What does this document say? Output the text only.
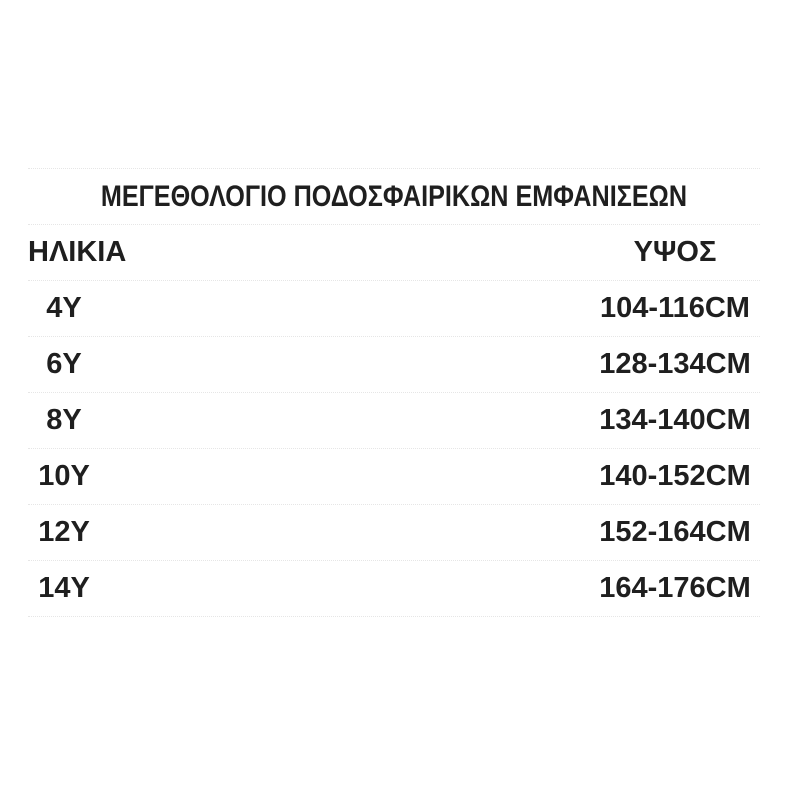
ΜΕΓΕΘΟΛΟΓΙΟ ΠΟΔΟΣΦΑΙΡΙΚΩΝ ΕΜΦΑΝΙΣΕΩΝ
ΗΛΙΚΙΑ	ΥΨΟΣ
4Y	104-116CM
6Y	128-134CM
8Y	134-140CM
10Y	140-152CM
12Y	152-164CM
14Y	164-176CM
